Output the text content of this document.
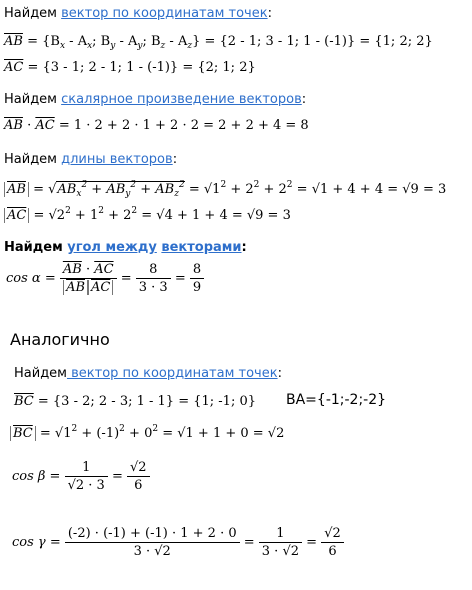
Найдем вектор по координатам точек:
$\overline{AB} = \{B_x - A_x$; $B_y - A_y$; $B_z - A_z\} = \{2 - 1$; 3 - 1; 1 - (-1)} = {1; 2; 2}
$\overline{AC} = \{3 - 1$; 2 - 1; 1 - (-1)} = {2; 1; 2}
Найдем скалярное произведение векторов:
$\overline{AB} \cdot \overline{AC} = 1 \cdot 2 + 2 \cdot 1 + 2 \cdot 2 = 2 + 2 + 4 = 8$
Найдем длины векторов:
$\overline{AB} = √AB_x^2 + AB_y^2 + AB_z^2 = √1^2 + 2^2 + 2^2 = √1 + 4 + 4 = √9 = 3$
$\overline{AC} = √2^2 + 1^2 + 2^2 = √4 + 1 + 4 = √9 = 3$
Найдем угол между векторами:
$\cos \alpha = \frac{\overline{AB} \cdot \overline{AC}}{\overline{AB} \overline{AC}} = \frac{8}{3 \cdot 3} = \frac{8}{9}$
Аналогично
Найдем вектор по координатам точек:
$\overline{BC} = \{3 - 2$; 2 - 3; 1 - 1} = {1; -1; 0} BA={-1;-2;-2}
$\overline{BC} = √1^2 + (-1)^2 + 0^2 = √1 + 1 + 0 = √2$
$\cos \beta = \frac{1}{√2 \cdot 3} = \frac{√2}{6}$
$\cos \gamma = \frac{(-2) \cdot (-1) + (-1) \cdot 1 + 2 \cdot 0}{3 \cdot √2} = \frac{1}{3 \cdot √2} = \frac{√2}{6}$
